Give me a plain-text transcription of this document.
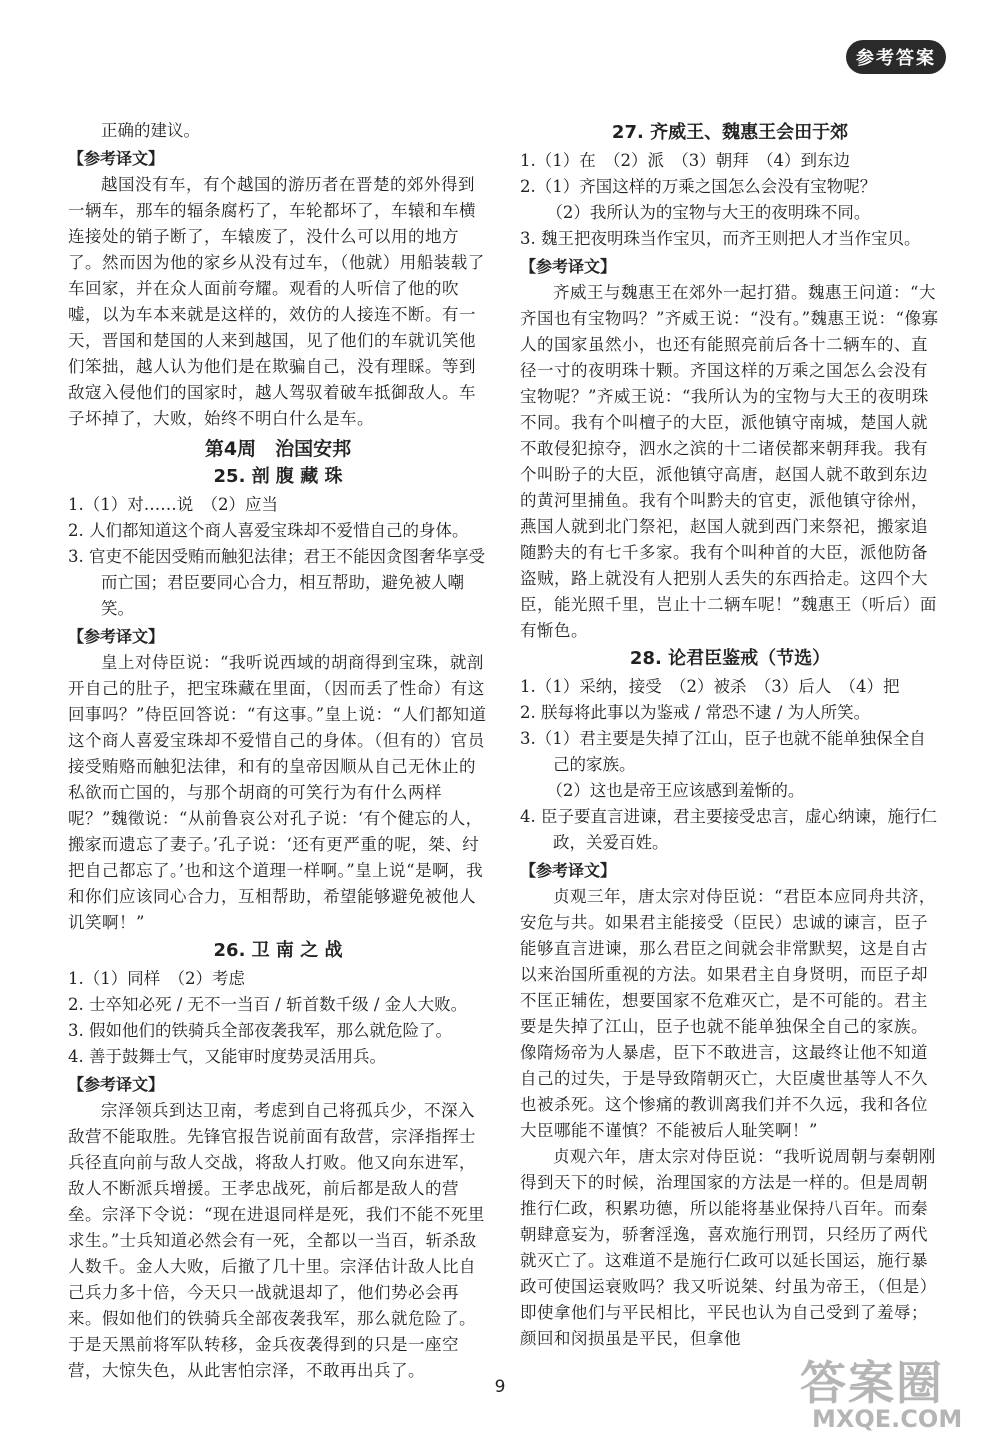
参考答案

正确的建议。

【参考译文】

越国没有车，有个越国的游历者在晋楚的郊外得到一辆车，那车的辐条腐朽了，车轮都坏了，车辕和车横连接处的销子断了，车辕废了，没什么可以用的地方了。然而因为他的家乡从没有过车，（他就）用船装载了车回家，并在众人面前夸耀。观看的人听信了他的吹嘘，以为车本来就是这样的，效仿的人接连不断。有一天，晋国和楚国的人来到越国，见了他们的车就讥笑他们笨拙，越人认为他们是在欺骗自己，没有理睬。等到敌寇入侵他们的国家时，越人驾驭着破车抵御敌人。车子坏掉了，大败，始终不明白什么是车。

第4周　治国安邦

25. 剖 腹 藏 珠

1.（1）对……说　（2）应当

2. 人们都知道这个商人喜爱宝珠却不爱惜自己的身体。

3. 官吏不能因受贿而触犯法律；君王不能因贪图奢华享受而亡国；君臣要同心合力，相互帮助，避免被人嘲笑。

【参考译文】

皇上对侍臣说：“我听说西域的胡商得到宝珠，就剖开自己的肚子，把宝珠藏在里面，（因而丢了性命）有这回事吗？”侍臣回答说：“有这事。”皇上说：“人们都知道这个商人喜爱宝珠却不爱惜自己的身体。（但有的）官员接受贿赂而触犯法律，和有的皇帝因顺从自己无休止的私欲而亡国的，与那个胡商的可笑行为有什么两样呢？”魏徵说：“从前鲁哀公对孔子说：‘有个健忘的人，搬家而遗忘了妻子。’孔子说：‘还有更严重的呢，桀、纣把自己都忘了。’也和这个道理一样啊。”皇上说“是啊，我和你们应该同心合力，互相帮助，希望能够避免被他人讥笑啊！”

26. 卫 南 之 战

1.（1）同样　（2）考虑

2. 士卒知必死 / 无不一当百 / 斩首数千级 / 金人大败。

3. 假如他们的铁骑兵全部夜袭我军，那么就危险了。

4. 善于鼓舞士气，又能审时度势灵活用兵。

【参考译文】

宗泽领兵到达卫南，考虑到自己将孤兵少，不深入敌营不能取胜。先锋官报告说前面有敌营，宗泽指挥士兵径直向前与敌人交战，将敌人打败。他又向东进军，敌人不断派兵增援。王孝忠战死，前后都是敌人的营垒。宗泽下令说：“现在进退同样是死，我们不能不死里求生。”士兵知道必然会有一死，全都以一当百，斩杀敌人数千。金人大败，后撤了几十里。宗泽估计敌人比自己兵力多十倍，今天只一战就退却了，他们势必会再来。假如他们的铁骑兵全部夜袭我军，那么就危险了。于是天黑前将军队转移，金兵夜袭得到的只是一座空营，大惊失色，从此害怕宗泽，不敢再出兵了。

27. 齐威王、魏惠王会田于郊

1.（1）在　（2）派　（3）朝拜　（4）到东边

2.（1）齐国这样的万乘之国怎么会没有宝物呢？

（2）我所认为的宝物与大王的夜明珠不同。

3. 魏王把夜明珠当作宝贝，而齐王则把人才当作宝贝。

【参考译文】

齐威王与魏惠王在郊外一起打猎。魏惠王问道：“大齐国也有宝物吗？”齐威王说：“没有。”魏惠王说：“像寡人的国家虽然小，也还有能照亮前后各十二辆车的、直径一寸的夜明珠十颗。齐国这样的万乘之国怎么会没有宝物呢？”齐威王说：“我所认为的宝物与大王的夜明珠不同。我有个叫檀子的大臣，派他镇守南城，楚国人就不敢侵犯掠夺，泗水之滨的十二诸侯都来朝拜我。我有个叫盼子的大臣，派他镇守高唐，赵国人就不敢到东边的黄河里捕鱼。我有个叫黔夫的官吏，派他镇守徐州，燕国人就到北门祭祀，赵国人就到西门来祭祀，搬家追随黔夫的有七千多家。我有个叫种首的大臣，派他防备盗贼，路上就没有人把别人丢失的东西拾走。这四个大臣，能光照千里，岂止十二辆车呢！”魏惠王（听后）面有惭色。

28. 论君臣鉴戒（节选）

1.（1）采纳，接受　（2）被杀　（3）后人　（4）把

2. 朕每将此事以为鉴戒 / 常恐不逮 / 为人所笑。

3.（1）君主要是失掉了江山，臣子也就不能单独保全自己的家族。

（2）这也是帝王应该感到羞惭的。

4. 臣子要直言进谏，君主要接受忠言，虚心纳谏，施行仁政，关爱百姓。

【参考译文】

贞观三年，唐太宗对侍臣说：“君臣本应同舟共济，安危与共。如果君主能接受（臣民）忠诚的谏言，臣子能够直言进谏，那么君臣之间就会非常默契，这是自古以来治国所重视的方法。如果君主自身贤明，而臣子却不匡正辅佐，想要国家不危难灭亡，是不可能的。君主要是失掉了江山，臣子也就不能单独保全自己的家族。像隋炀帝为人暴虐，臣下不敢进言，这最终让他不知道自己的过失，于是导致隋朝灭亡，大臣虞世基等人不久也被杀死。这个惨痛的教训离我们并不久远，我和各位大臣哪能不谨慎？不能被后人耻笑啊！”

贞观六年，唐太宗对侍臣说：“我听说周朝与秦朝刚得到天下的时候，治理国家的方法是一样的。但是周朝推行仁政，积累功德，所以能将基业保持八百年。而秦朝肆意妄为，骄奢淫逸，喜欢施行刑罚，只经历了两代就灭亡了。这难道不是施行仁政可以延长国运，施行暴政可使国运衰败吗？我又听说桀、纣虽为帝王，（但是）即使拿他们与平民相比，平民也认为自己受到了羞辱；颜回和闵损虽是平民，但拿他

9	答案圈
MXQE.COM
